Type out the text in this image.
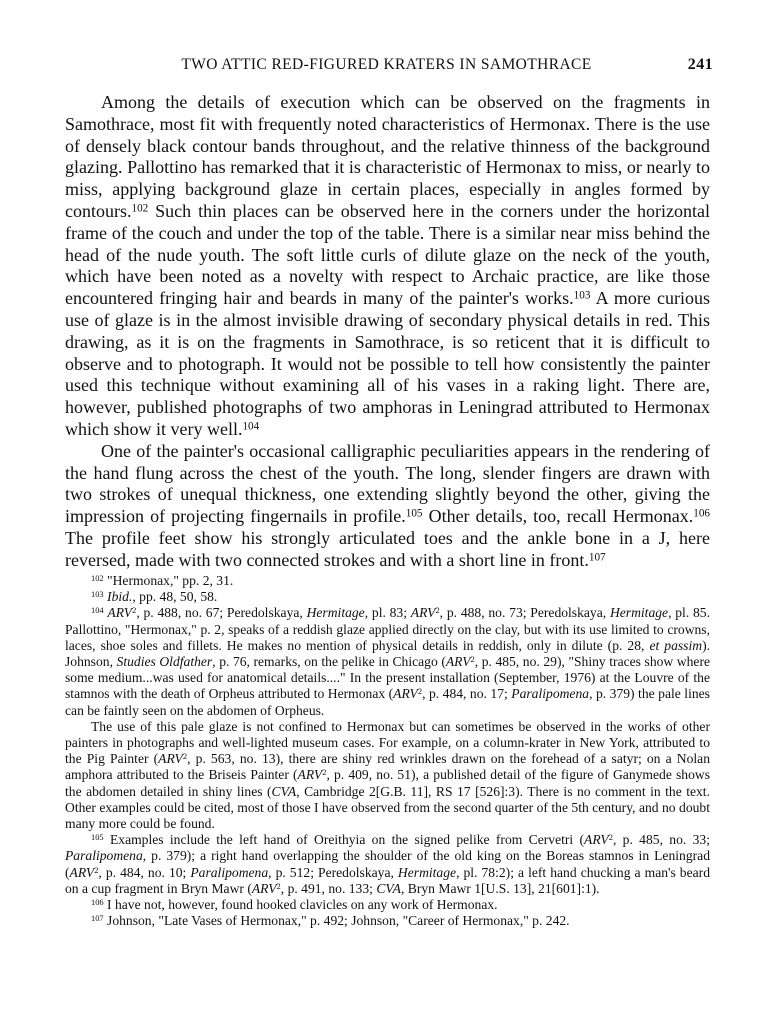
TWO ATTIC RED-FIGURED KRATERS IN SAMOTHRACE	241

Among the details of execution which can be observed on the fragments in Samothrace, most fit with frequently noted characteristics of Hermonax. There is the use of densely black contour bands throughout, and the relative thinness of the background glazing. Pallottino has remarked that it is characteristic of Hermonax to miss, or nearly to miss, applying background glaze in certain places, especially in angles formed by contours.$^{102}$ Such thin places can be observed here in the corners under the horizontal frame of the couch and under the top of the table. There is a similar near miss behind the head of the nude youth. The soft little curls of dilute glaze on the neck of the youth, which have been noted as a novelty with respect to Archaic practice, are like those encountered fringing hair and beards in many of the painter's works.$^{103}$ A more curious use of glaze is in the almost invisible drawing of secondary physical details in red. This drawing, as it is on the fragments in Samothrace, is so reticent that it is difficult to observe and to photograph. It would not be possible to tell how consistently the painter used this technique without examining all of his vases in a raking light. There are, however, published photographs of two amphoras in Leningrad attributed to Hermonax which show it very well.$^{104}$

One of the painter's occasional calligraphic peculiarities appears in the rendering of the hand flung across the chest of the youth. The long, slender fingers are drawn with two strokes of unequal thickness, one extending slightly beyond the other, giving the impression of projecting fingernails in profile.$^{105}$ Other details, too, recall Hermonax.$^{106}$ The profile feet show his strongly articulated toes and the ankle bone in a J, here reversed, made with two connected strokes and with a short line in front.$^{107}$

$^{102}$ "Hermonax," pp. 2, 31.

$^{103}$ Ibid., pp. 48, 50, 58.

$^{104}$ ARV$^2$, p. 488, no. 67; Peredolskaya, Hermitage, pl. 83; ARV$^2$, p. 488, no. 73; Peredolskaya, Hermitage, pl. 85. Pallottino, "Hermonax," p. 2, speaks of a reddish glaze applied directly on the clay, but with its use limited to crowns, laces, shoe soles and fillets. He makes no mention of physical details in reddish, only in dilute (p. 28, et passim). Johnson, Studies Oldfather, p. 76, remarks, on the pelike in Chicago (ARV$^2$, p. 485, no. 29), "Shiny traces show where some medium...was used for anatomical details...." In the present installation (September, 1976) at the Louvre of the stamnos with the death of Orpheus attributed to Hermonax (ARV$^2$, p. 484, no. 17; Paralipomena, p. 379) the pale lines can be faintly seen on the abdomen of Orpheus.

The use of this pale glaze is not confined to Hermonax but can sometimes be observed in the works of other painters in photographs and well-lighted museum cases. For example, on a column-krater in New York, attributed to the Pig Painter (ARV$^2$, p. 563, no. 13), there are shiny red wrinkles drawn on the forehead of a satyr; on a Nolan amphora attributed to the Briseis Painter (ARV$^2$, p. 409, no. 51), a published detail of the figure of Ganymede shows the abdomen detailed in shiny lines (CVA, Cambridge 2[G.B. 11], RS 17 [526]:3). There is no comment in the text. Other examples could be cited, most of those I have observed from the second quarter of the 5th century, and no doubt many more could be found.

$^{105}$ Examples include the left hand of Oreithyia on the signed pelike from Cervetri (ARV$^2$, p. 485, no. 33; Paralipomena, p. 379); a right hand overlapping the shoulder of the old king on the Boreas stamnos in Leningrad (ARV$^2$, p. 484, no. 10; Paralipomena, p. 512; Peredolskaya, Hermitage, pl. 78:2); a left hand chucking a man's beard on a cup fragment in Bryn Mawr (ARV$^2$, p. 491, no. 133; CVA, Bryn Mawr 1[U.S. 13], 21[601]:1).

$^{106}$ I have not, however, found hooked clavicles on any work of Hermonax.

$^{107}$ Johnson, "Late Vases of Hermonax," p. 492; Johnson, "Career of Hermonax," p. 242.
